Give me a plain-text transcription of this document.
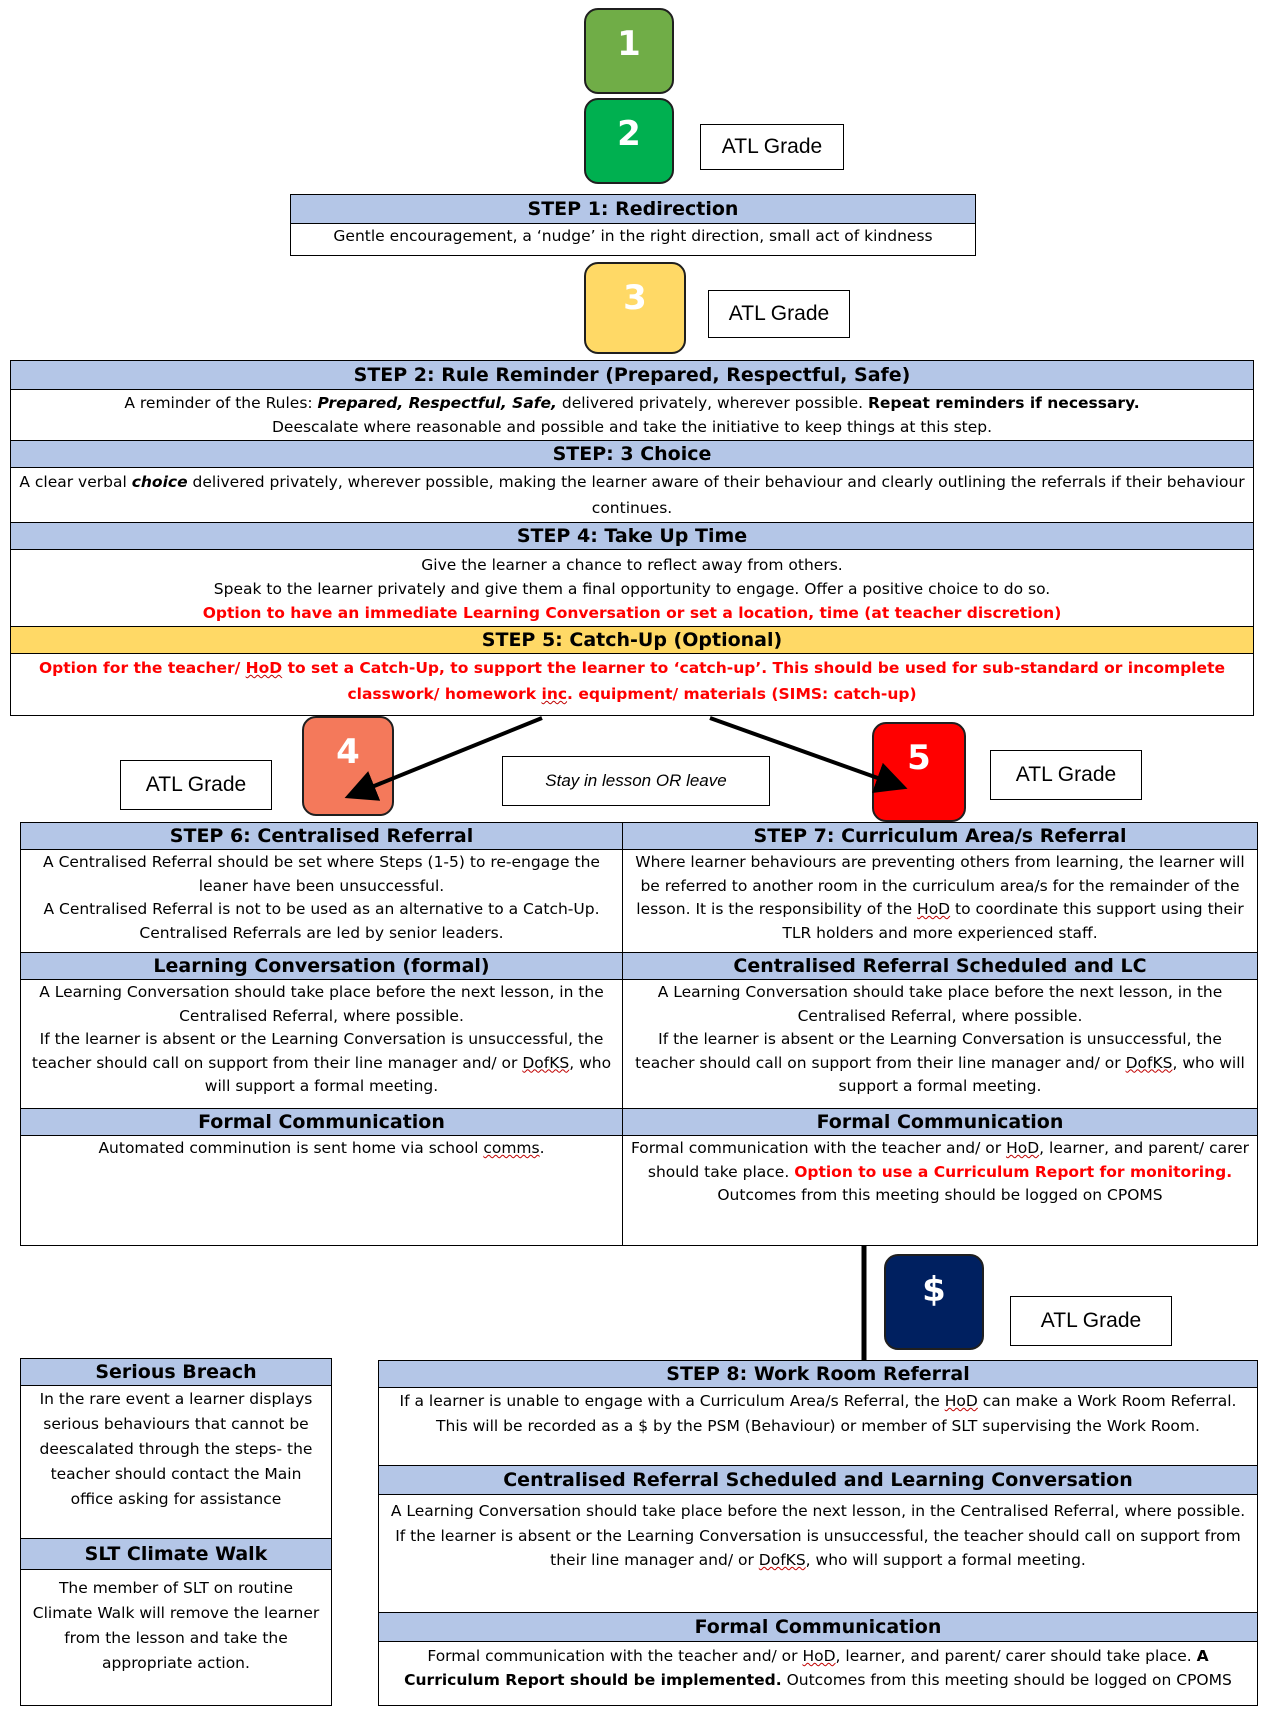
1
2	ATL Grade
STEP 1: Redirection
Gentle encouragement, a ‘nudge’ in the right direction, small act of kindness
3	ATL Grade
STEP 2: Rule Reminder (Prepared, Respectful, Safe)
A reminder of the Rules: Prepared, Respectful, Safe, delivered privately, wherever possible. Repeat reminders if necessary.
Deescalate where reasonable and possible and take the initiative to keep things at this step.
STEP: 3 Choice
A clear verbal choice delivered privately, wherever possible, making the learner aware of their behaviour and clearly outlining the referrals if their behaviour continues.
STEP 4: Take Up Time
Give the learner a chance to reflect away from others.
Speak to the learner privately and give them a final opportunity to engage. Offer a positive choice to do so.
Option to have an immediate Learning Conversation or set a location, time (at teacher discretion)
STEP 5: Catch-Up (Optional)
Option for the teacher/ HoD to set a Catch-Up, to support the learner to ‘catch-up’. This should be used for sub-standard or incomplete classwork/ homework inc. equipment/ materials (SIMS: catch-up)
4
ATL Grade	Stay in lesson OR leave
5	ATL Grade
STEP 6: Centralised Referral
A Centralised Referral should be set where Steps (1-5) to re-engage the leaner have been unsuccessful.
A Centralised Referral is not to be used as an alternative to a Catch-Up. Centralised Referrals are led by senior leaders.
Learning Conversation (formal)
A Learning Conversation should take place before the next lesson, in the Centralised Referral, where possible.
If the learner is absent or the Learning Conversation is unsuccessful, the teacher should call on support from their line manager and/ or DofKS, who will support a formal meeting.
Formal Communication
Automated comminution is sent home via school comms.
STEP 7: Curriculum Area/s Referral
Where learner behaviours are preventing others from learning, the learner will be referred to another room in the curriculum area/s for the remainder of the lesson. It is the responsibility of the HoD to coordinate this support using their TLR holders and more experienced staff.
Centralised Referral Scheduled and LC
A Learning Conversation should take place before the next lesson, in the Centralised Referral, where possible.
If the learner is absent or the Learning Conversation is unsuccessful, the teacher should call on support from their line manager and/ or DofKS, who will support a formal meeting.
Formal Communication
Formal communication with the teacher and/ or HoD, learner, and parent/ carer should take place. Option to use a Curriculum Report for monitoring. Outcomes from this meeting should be logged on CPOMS
$
ATL Grade
Serious Breach
In the rare event a learner displays serious behaviours that cannot be deescalated through the steps- the teacher should contact the Main office asking for assistance
SLT Climate Walk
The member of SLT on routine Climate Walk will remove the learner from the lesson and take the appropriate action.
STEP 8: Work Room Referral
If a learner is unable to engage with a Curriculum Area/s Referral, the HoD can make a Work Room Referral. This will be recorded as a $ by the PSM (Behaviour) or member of SLT supervising the Work Room.
Centralised Referral Scheduled and Learning Conversation
A Learning Conversation should take place before the next lesson, in the Centralised Referral, where possible.
If the learner is absent or the Learning Conversation is unsuccessful, the teacher should call on support from their line manager and/ or DofKS, who will support a formal meeting.
Formal Communication
Formal communication with the teacher and/ or HoD, learner, and parent/ carer should take place. A Curriculum Report should be implemented. Outcomes from this meeting should be logged on CPOMS
